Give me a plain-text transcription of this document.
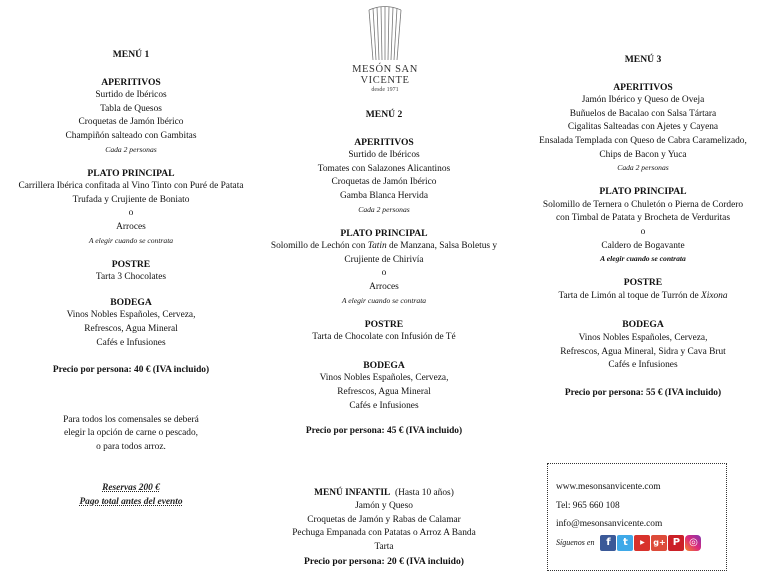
MESÓN SAN VICENTE
desde 1971
MENÚ 1
APERITIVOS
Surtido de Ibéricos
Tabla de Quesos
Croquetas de Jamón Ibérico
Champiñón salteado con Gambitas
Cada 2 personas
PLATO PRINCIPAL
Carrillera Ibérica confitada al Vino Tinto con Puré de Patata
Trufada y Crujiente de Boniato
o
Arroces
A elegir cuando se contrata
POSTRE
Tarta 3 Chocolates
BODEGA
Vinos Nobles Españoles, Cerveza,
Refrescos, Agua Mineral
Cafés e Infusiones
Precio por persona: 40 € (IVA incluido)
Para todos los comensales se deberá
elegir la opción de carne o pescado,
o para todos arroz.
Reservas 200 €
Pago total antes del evento
MENÚ 2
APERITIVOS
Surtido de Ibéricos
Tomates con Salazones Alicantinos
Croquetas de Jamón Ibérico
Gamba Blanca Hervida
Cada 2 personas
PLATO PRINCIPAL
Solomillo de Lechón con Tatin de Manzana, Salsa Boletus y
Crujiente de Chirivía
o
Arroces
A elegir cuando se contrata
POSTRE
Tarta de Chocolate con Infusión de Té
BODEGA
Vinos Nobles Españoles, Cerveza,
Refrescos, Agua Mineral
Cafés e Infusiones
Precio por persona: 45 € (IVA incluido)
MENÚ INFANTIL (Hasta 10 años)
Jamón y Queso
Croquetas de Jamón y Rabas de Calamar
Pechuga Empanada con Patatas o Arroz A Banda
Tarta
Precio por persona: 20 € (IVA incluido)
MENÚ 3
APERITIVOS
Jamón Ibérico y Queso de Oveja
Buñuelos de Bacalao con Salsa Tártara
Cigalitas Salteadas con Ajetes y Cayena
Ensalada Templada con Queso de Cabra Caramelizado,
Chips de Bacon y Yuca
Cada 2 personas
PLATO PRINCIPAL
Solomillo de Ternera o Chuletón o Pierna de Cordero
con Timbal de Patata y Brocheta de Verduritas
o
Caldero de Bogavante
A elegir cuando se contrata
POSTRE
Tarta de Limón al toque de Turrón de Xixona
BODEGA
Vinos Nobles Españoles, Cerveza,
Refrescos, Agua Mineral, Sidra y Cava Brut
Cafés e Infusiones
Precio por persona: 55 € (IVA incluido)
www.mesonsanvicente.com
Tel: 965 660 108
info@mesonsanvicente.com
Síguenos en	f	t	▶	g+ P ◎
